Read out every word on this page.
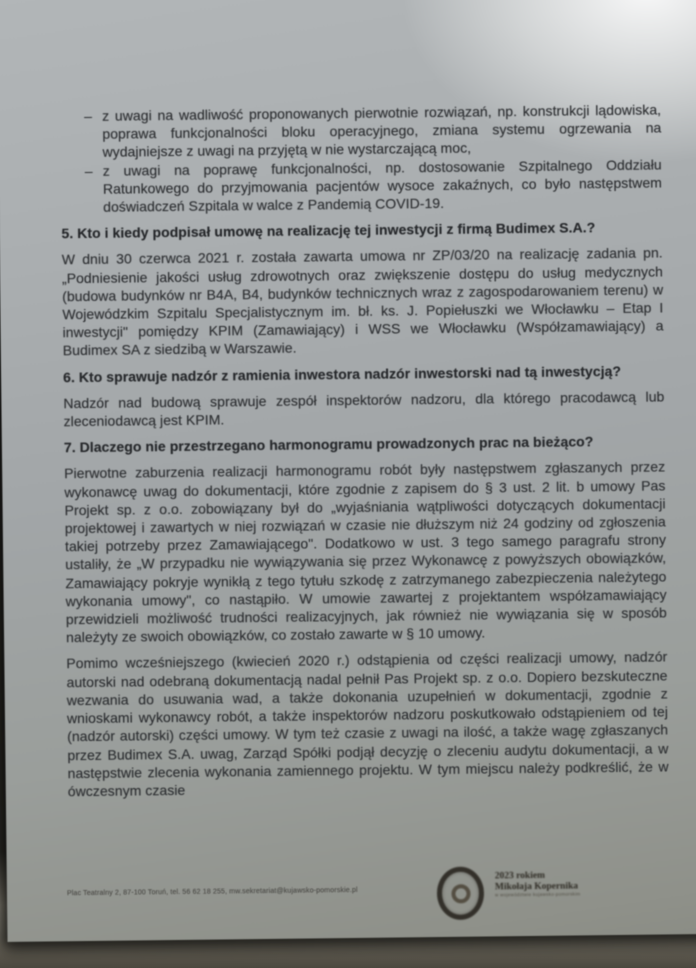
– z uwagi na wadliwość proponowanych pierwotnie rozwiązań, np. konstrukcji lądowiska, poprawa funkcjonalności bloku operacyjnego, zmiana systemu ogrzewania na wydajniejsze z uwagi na przyjętą w nie wystarczającą moc,
– z uwagi na poprawę funkcjonalności, np. dostosowanie Szpitalnego Oddziału Ratunkowego do przyjmowania pacjentów wysoce zakaźnych, co było następstwem doświadczeń Szpitala w walce z Pandemią COVID-19.
5. Kto i kiedy podpisał umowę na realizację tej inwestycji z firmą Budimex S.A.?

W dniu 30 czerwca 2021 r. została zawarta umowa nr ZP/03/20 na realizację zadania pn. „Podniesienie jakości usług zdrowotnych oraz zwiększenie dostępu do usług medycznych (budowa budynków nr B4A, B4, budynków technicznych wraz z zagospodarowaniem terenu) w Wojewódzkim Szpitalu Specjalistycznym im. bł. ks. J. Popiełuszki we Włocławku – Etap I inwestycji" pomiędzy KPIM (Zamawiający) i WSS we Włocławku (Współzamawiający) a Budimex SA z siedzibą w Warszawie.

6. Kto sprawuje nadzór z ramienia inwestora nadzór inwestorski nad tą inwestycją?

Nadzór nad budową sprawuje zespół inspektorów nadzoru, dla którego pracodawcą lub zleceniodawcą jest KPIM.

7. Dlaczego nie przestrzegano harmonogramu prowadzonych prac na bieżąco?

Pierwotne zaburzenia realizacji harmonogramu robót były następstwem zgłaszanych przez wykonawcę uwag do dokumentacji, które zgodnie z zapisem do § 3 ust. 2 lit. b umowy Pas Projekt sp. z o.o. zobowiązany był do „wyjaśniania wątpliwości dotyczących dokumentacji projektowej i zawartych w niej rozwiązań w czasie nie dłuższym niż 24 godziny od zgłoszenia takiej potrzeby przez Zamawiającego". Dodatkowo w ust. 3 tego samego paragrafu strony ustaliły, że „W przypadku nie wywiązywania się przez Wykonawcę z powyższych obowiązków, Zamawiający pokryje wynikłą z tego tytułu szkodę z zatrzymanego zabezpieczenia należytego wykonania umowy", co nastąpiło. W umowie zawartej z projektantem współzamawiający przewidzieli możliwość trudności realizacyjnych, jak również nie wywiązania się w sposób należyty ze swoich obowiązków, co zostało zawarte w § 10 umowy.

Pomimo wcześniejszego (kwiecień 2020 r.) odstąpienia od części realizacji umowy, nadzór autorski nad odebraną dokumentacją nadal pełnił Pas Projekt sp. z o.o. Dopiero bezskuteczne wezwania do usuwania wad, a także dokonania uzupełnień w dokumentacji, zgodnie z wnioskami wykonawcy robót, a także inspektorów nadzoru poskutkowało odstąpieniem od tej (nadzór autorski) części umowy. W tym też czasie z uwagi na ilość, a także wagę zgłaszanych przez Budimex S.A. uwag, Zarząd Spółki podjął decyzję o zleceniu audytu dokumentacji, a w następstwie zlecenia wykonania zamiennego projektu. W tym miejscu należy podkreślić, że w ówczesnym czasie

Plac Teatralny 2, 87-100 Toruń, tel. 56 62 18 255, mw.sekretariat@kujawsko-pomorskie.pl
2023 rokiem
Mikołaja Kopernika
w województwie kujawsko-pomorskim
